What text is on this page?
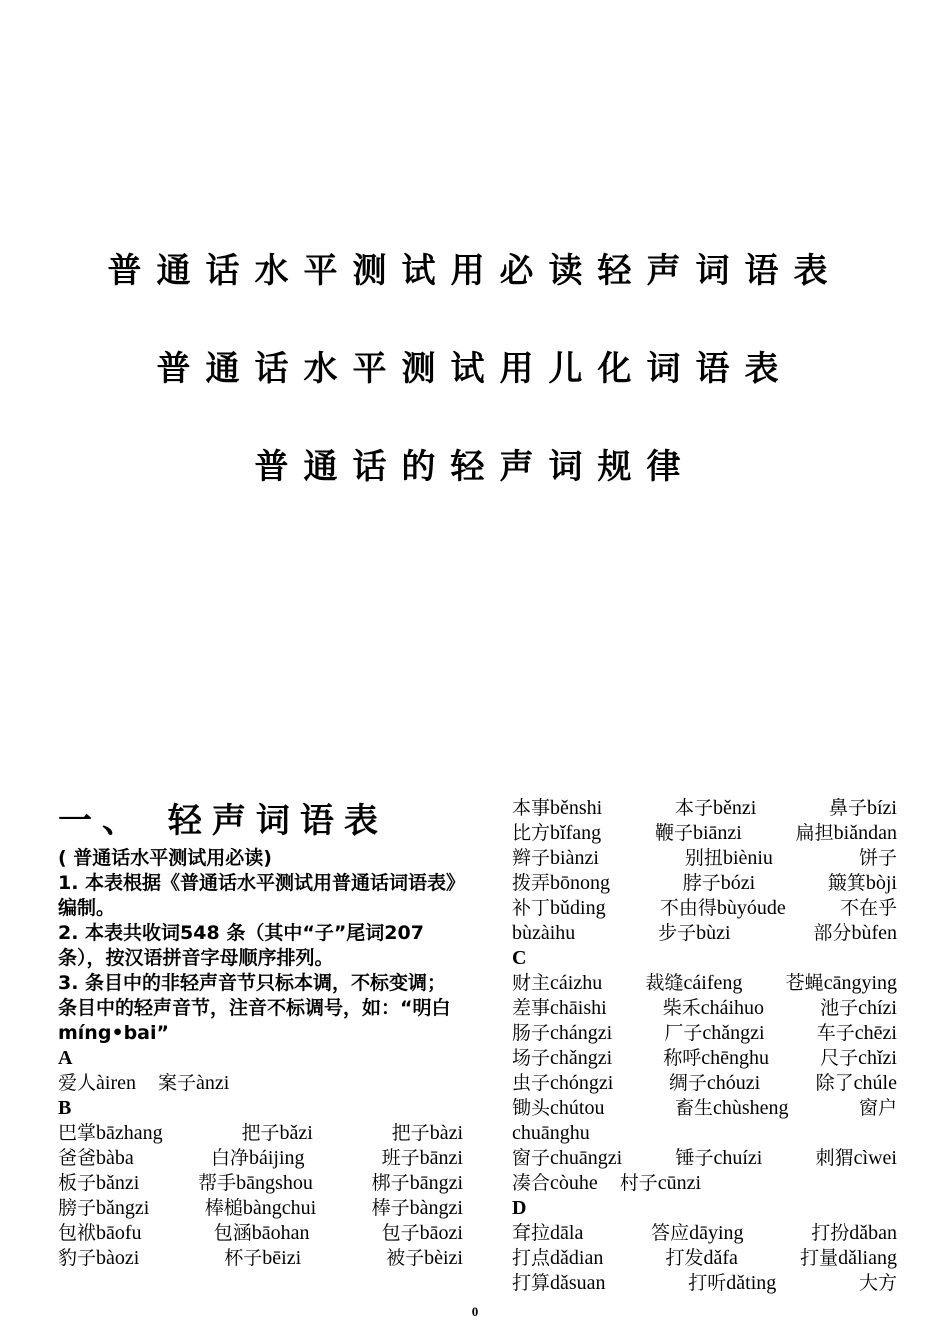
普通话水平测试用必读轻声词语表
普通话水平测试用儿化词语表
普通话的轻声词规律
一、 轻声词语表
( 普通话水平测试用必读)
1. 本表根据《普通话水平测试用普通话词语表》编制。
2. 本表共收词548 条（其中“子”尾词207 条），按汉语拼音字母顺序排列。
3. 条目中的非轻声音节只标本调，不标变调；条目中的轻声音节，注音不标调号，如：“明白míng•bai”
A
爱人àiren 案子ànzi
B
巴掌bāzhang	把子bǎzi	把子bàzi
爸爸bàba	白净báijing	班子bānzi
板子bǎnzi	帮手bāngshou	梆子bāngzi
膀子bǎngzi	棒槌bàngchui	棒子bàngzi
包袱bāofu	包涵bāohan	包子bāozi
豹子bàozi	杯子bēizi	被子bèizi
本事běnshi	本子běnzi	鼻子bízi
比方bǐfang	鞭子biānzi	扁担biǎndan
辫子biànzi	别扭bièniu	饼子
拨弄bōnong	脖子bózi	簸箕bòji
补丁bǔding	不由得bùyóude	不在乎
bùzàihu	步子bùzi	部分bùfen
C
财主cáizhu 裁缝cáifeng 苍蝇cāngying
差事chāishi	柴禾cháihuo	池子chízi
肠子chángzi	厂子chǎngzi	车子chēzi
场子chǎngzi	称呼chēnghu	尺子chǐzi
虫子chóngzi	绸子chóuzi	除了chúle
锄头chútou	畜生chùsheng	窗户
chuānghu
窗子chuāngzi	锤子chuízi	刺猬cìwei
凑合còuhe 村子cūnzi
D
耷拉dāla	答应dāying	打扮dǎban
打点dǎdian	打发dǎfa	打量dǎliang
打算dǎsuan	打听dǎting	大方
0
